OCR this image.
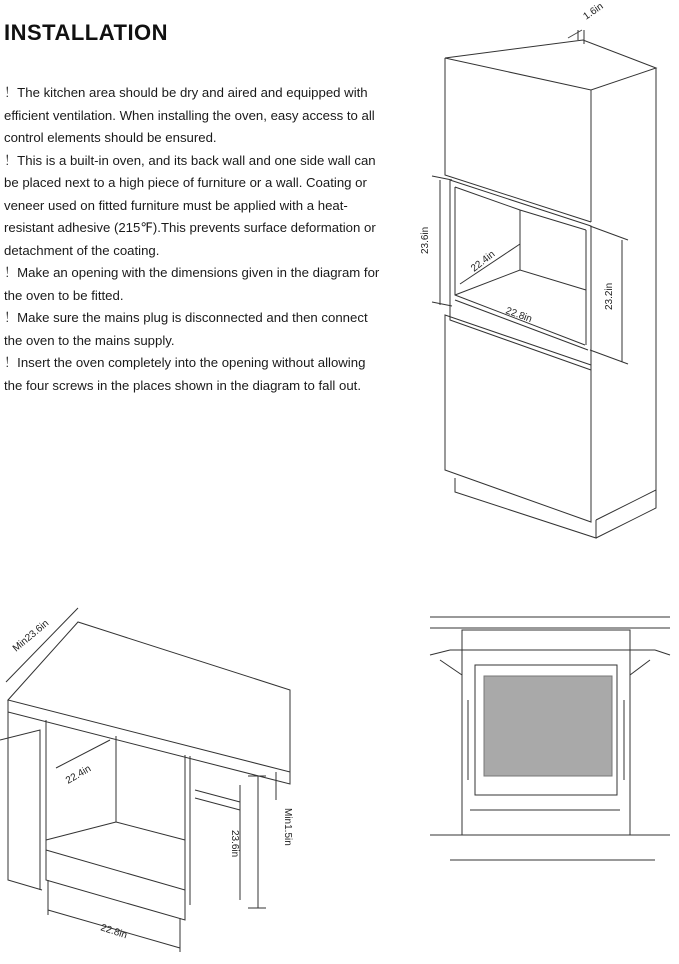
INSTALLATION

！The kitchen area should be dry and aired and equipped with efficient ventilation. When installing the oven, easy access to all control elements should be ensured.

！This is a built-in oven, and its back wall and one side wall can be placed next to a high piece of furniture or a wall. Coating or veneer used on fitted furniture must be applied with a heat-resistant adhesive (215℉).This prevents surface deformation or detachment of the coating.

！Make an opening with the dimensions given in the diagram for the oven to be fitted.

！Make sure the mains plug is disconnected and then connect the oven to the mains supply.

！Insert the oven completely into the opening without allowing the four screws in the places shown in the diagram to fall out.

1.6in
23.6in
23.2in
22.4in
22.8in
Min23.6in
22.4in
23.6in	Min1.5in
22.8in
